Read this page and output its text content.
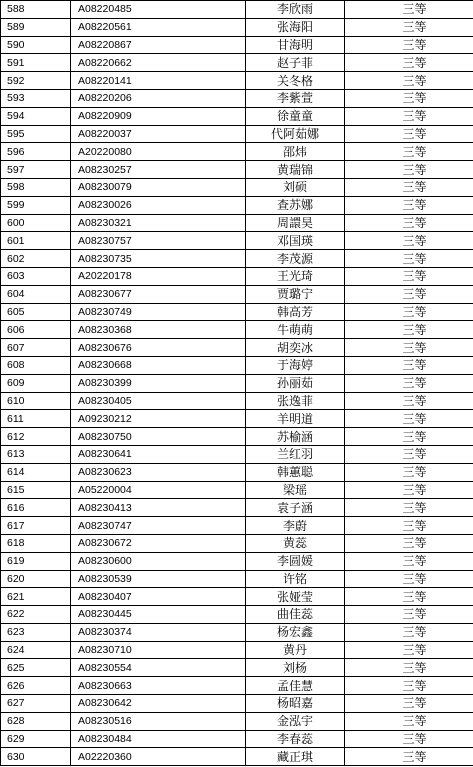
588	A08220485	李欣雨	三等
589	A08220561	张海阳	三等
590	A08220867	甘海明	三等
591	A08220662	赵子菲	三等
592	A08220141	关冬格	三等
593	A08220206	李紫萱	三等
594	A08220909	徐童童	三等
595	A08220037	代阿茹娜	三等
596	A20220080	邵炜	三等
597	A08230257	黄瑞锦	三等
598	A08230079	刘硕	三等
599	A08230026	查苏娜	三等
600	A08230321	周譞昊	三等
601	A08230757	邓国瑛	三等
602	A08230735	李茂源	三等
603	A20220178	王光琦	三等
604	A08230677	贾璐宁	三等
605	A08230749	韩高芳	三等
606	A08230368	牛萌萌	三等
607	A08230676	胡奕冰	三等
608	A08230668	于海婷	三等
609	A08230399	孙丽茹	三等
610	A08230405	张逸菲	三等
611	A09230212	羊明道	三等
612	A08230750	苏榆涵	三等
613	A08230641	兰红羽	三等
614	A08230623	韩蕙聪	三等
615	A05220004	梁瑶	三等
616	A08230413	袁子涵	三等
617	A08230747	李蔚	三等
618	A08230672	黄蕊	三等
619	A08230600	李圆媛	三等
620	A08230539	许铭	三等
621	A08230407	张娅莹	三等
622	A08230445	曲佳蕊	三等
623	A08230374	杨宏鑫	三等
624	A08230710	黄丹	三等
625	A08230554	刘杨	三等
626	A08230663	孟佳慧	三等
627	A08230642	杨昭嘉	三等
628	A08230516	金泓宇	三等
629	A08230484	李春蕊	三等
630	A02220360	藏正琪	三等
